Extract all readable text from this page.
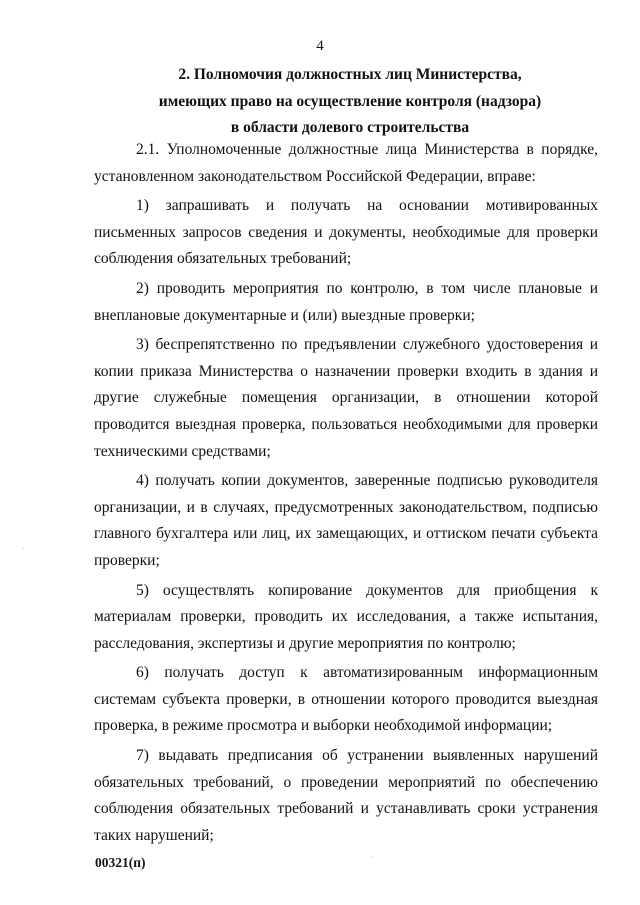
4
2. Полномочия должностных лиц Министерства,
имеющих право на осуществление контроля (надзора)
в области долевого строительства

2.1. Уполномоченные должностные лица Министерства в порядке, установленном законодательством Российской Федерации, вправе:

1) запрашивать и получать на основании мотивированных письменных запросов сведения и документы, необходимые для проверки соблюдения обязательных требований;

2) проводить мероприятия по контролю, в том числе плановые и внеплановые документарные и (или) выездные проверки;

3) беспрепятственно по предъявлении служебного удостоверения и копии приказа Министерства о назначении проверки входить в здания и другие служебные помещения организации, в отношении которой проводится выездная проверка, пользоваться необходимыми для проверки техническими средствами;

4) получать копии документов, заверенные подписью руководителя организации, и в случаях, предусмотренных законодательством, подписью главного бухгалтера или лиц, их замещающих, и оттиском печати субъекта проверки;

5) осуществлять копирование документов для приобщения к материалам проверки, проводить их исследования, а также испытания, расследования, экспертизы и другие мероприятия по контролю;

6) получать доступ к автоматизированным информационным системам субъекта проверки, в отношении которого проводится выездная проверка, в режиме просмотра и выборки необходимой информации;

7) выдавать предписания об устранении выявленных нарушений обязательных требований, о проведении мероприятий по обеспечению соблюдения обязательных требований и устанавливать сроки устранения таких нарушений;

00321(п)
